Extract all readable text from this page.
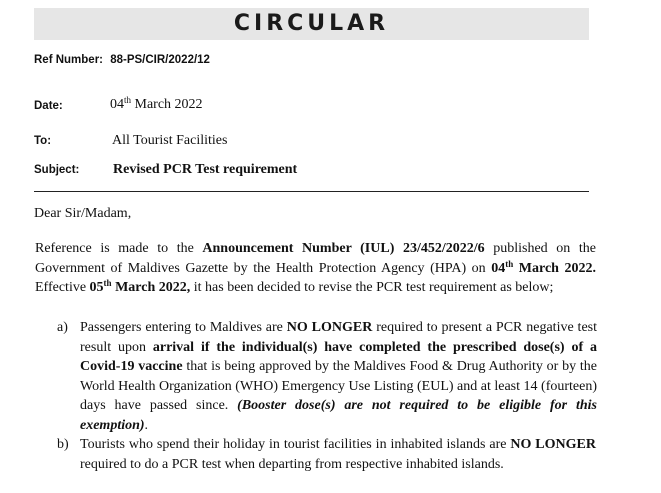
CIRCULAR
Ref Number: 88-PS/CIR/2022/12
Date:	04th March 2022
To:	All Tourist Facilities
Subject: Revised PCR Test requirement
Dear Sir/Madam,
Reference is made to the Announcement Number (IUL) 23/452/2022/6 published on the Government of Maldives Gazette by the Health Protection Agency (HPA) on 04th March 2022. Effective 05th March 2022, it has been decided to revise the PCR test requirement as below;
a) Passengers entering to Maldives are NO LONGER required to present a PCR negative test result upon arrival if the individual(s) have completed the prescribed dose(s) of a Covid-19 vaccine that is being approved by the Maldives Food & Drug Authority or by the World Health Organization (WHO) Emergency Use Listing (EUL) and at least 14 (fourteen) days have passed since. (Booster dose(s) are not required to be eligible for this exemption).
b) Tourists who spend their holiday in tourist facilities in inhabited islands are NO LONGER required to do a PCR test when departing from respective inhabited islands.
